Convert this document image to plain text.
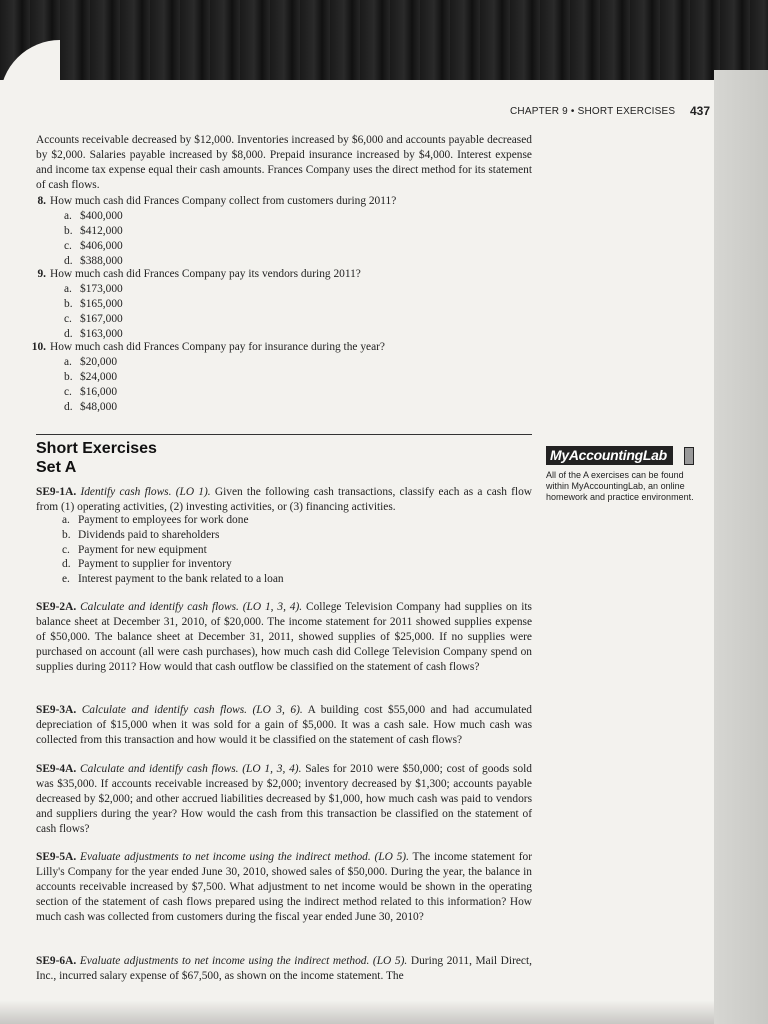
CHAPTER 9 • SHORT EXERCISES 437
Accounts receivable decreased by $12,000. Inventories increased by $6,000 and accounts payable decreased by $2,000. Salaries payable increased by $8,000. Prepaid insurance increased by $4,000. Interest expense and income tax expense equal their cash amounts. Frances Company uses the direct method for its statement of cash flows.
8. How much cash did Frances Company collect from customers during 2011?
a. $400,000
b. $412,000
c. $406,000
d. $388,000
9. How much cash did Frances Company pay its vendors during 2011?
a. $173,000
b. $165,000
c. $167,000
d. $163,000
10. How much cash did Frances Company pay for insurance during the year?
a. $20,000
b. $24,000
c. $16,000
d. $48,000
Short Exercises
Set A
MyAccountingLab
All of the A exercises can be found within MyAccountingLab, an online homework and practice environment.
SE9-1A. Identify cash flows. (LO 1). Given the following cash transactions, classify each as a cash flow from (1) operating activities, (2) investing activities, or (3) financing activities.
a. Payment to employees for work done
b. Dividends paid to shareholders
c. Payment for new equipment
d. Payment to supplier for inventory
e. Interest payment to the bank related to a loan
SE9-2A. Calculate and identify cash flows. (LO 1, 3, 4). College Television Company had supplies on its balance sheet at December 31, 2010, of $20,000. The income statement for 2011 showed supplies expense of $50,000. The balance sheet at December 31, 2011, showed supplies of $25,000. If no supplies were purchased on account (all were cash purchases), how much cash did College Television Company spend on supplies during 2011? How would that cash outflow be classified on the statement of cash flows?
SE9-3A. Calculate and identify cash flows. (LO 3, 6). A building cost $55,000 and had accumulated depreciation of $15,000 when it was sold for a gain of $5,000. It was a cash sale. How much cash was collected from this transaction and how would it be classified on the statement of cash flows?
SE9-4A. Calculate and identify cash flows. (LO 1, 3, 4). Sales for 2010 were $50,000; cost of goods sold was $35,000. If accounts receivable increased by $2,000; inventory decreased by $1,300; accounts payable decreased by $2,000; and other accrued liabilities decreased by $1,000, how much cash was paid to vendors and suppliers during the year? How would the cash from this transaction be classified on the statement of cash flows?
SE9-5A. Evaluate adjustments to net income using the indirect method. (LO 5). The income statement for Lilly's Company for the year ended June 30, 2010, showed sales of $50,000. During the year, the balance in accounts receivable increased by $7,500. What adjustment to net income would be shown in the operating section of the statement of cash flows prepared using the indirect method related to this information? How much cash was collected from customers during the fiscal year ended June 30, 2010?
SE9-6A. Evaluate adjustments to net income using the indirect method. (LO 5). During 2011, Mail Direct, Inc., incurred salary expense of $67,500, as shown on the income statement. The
